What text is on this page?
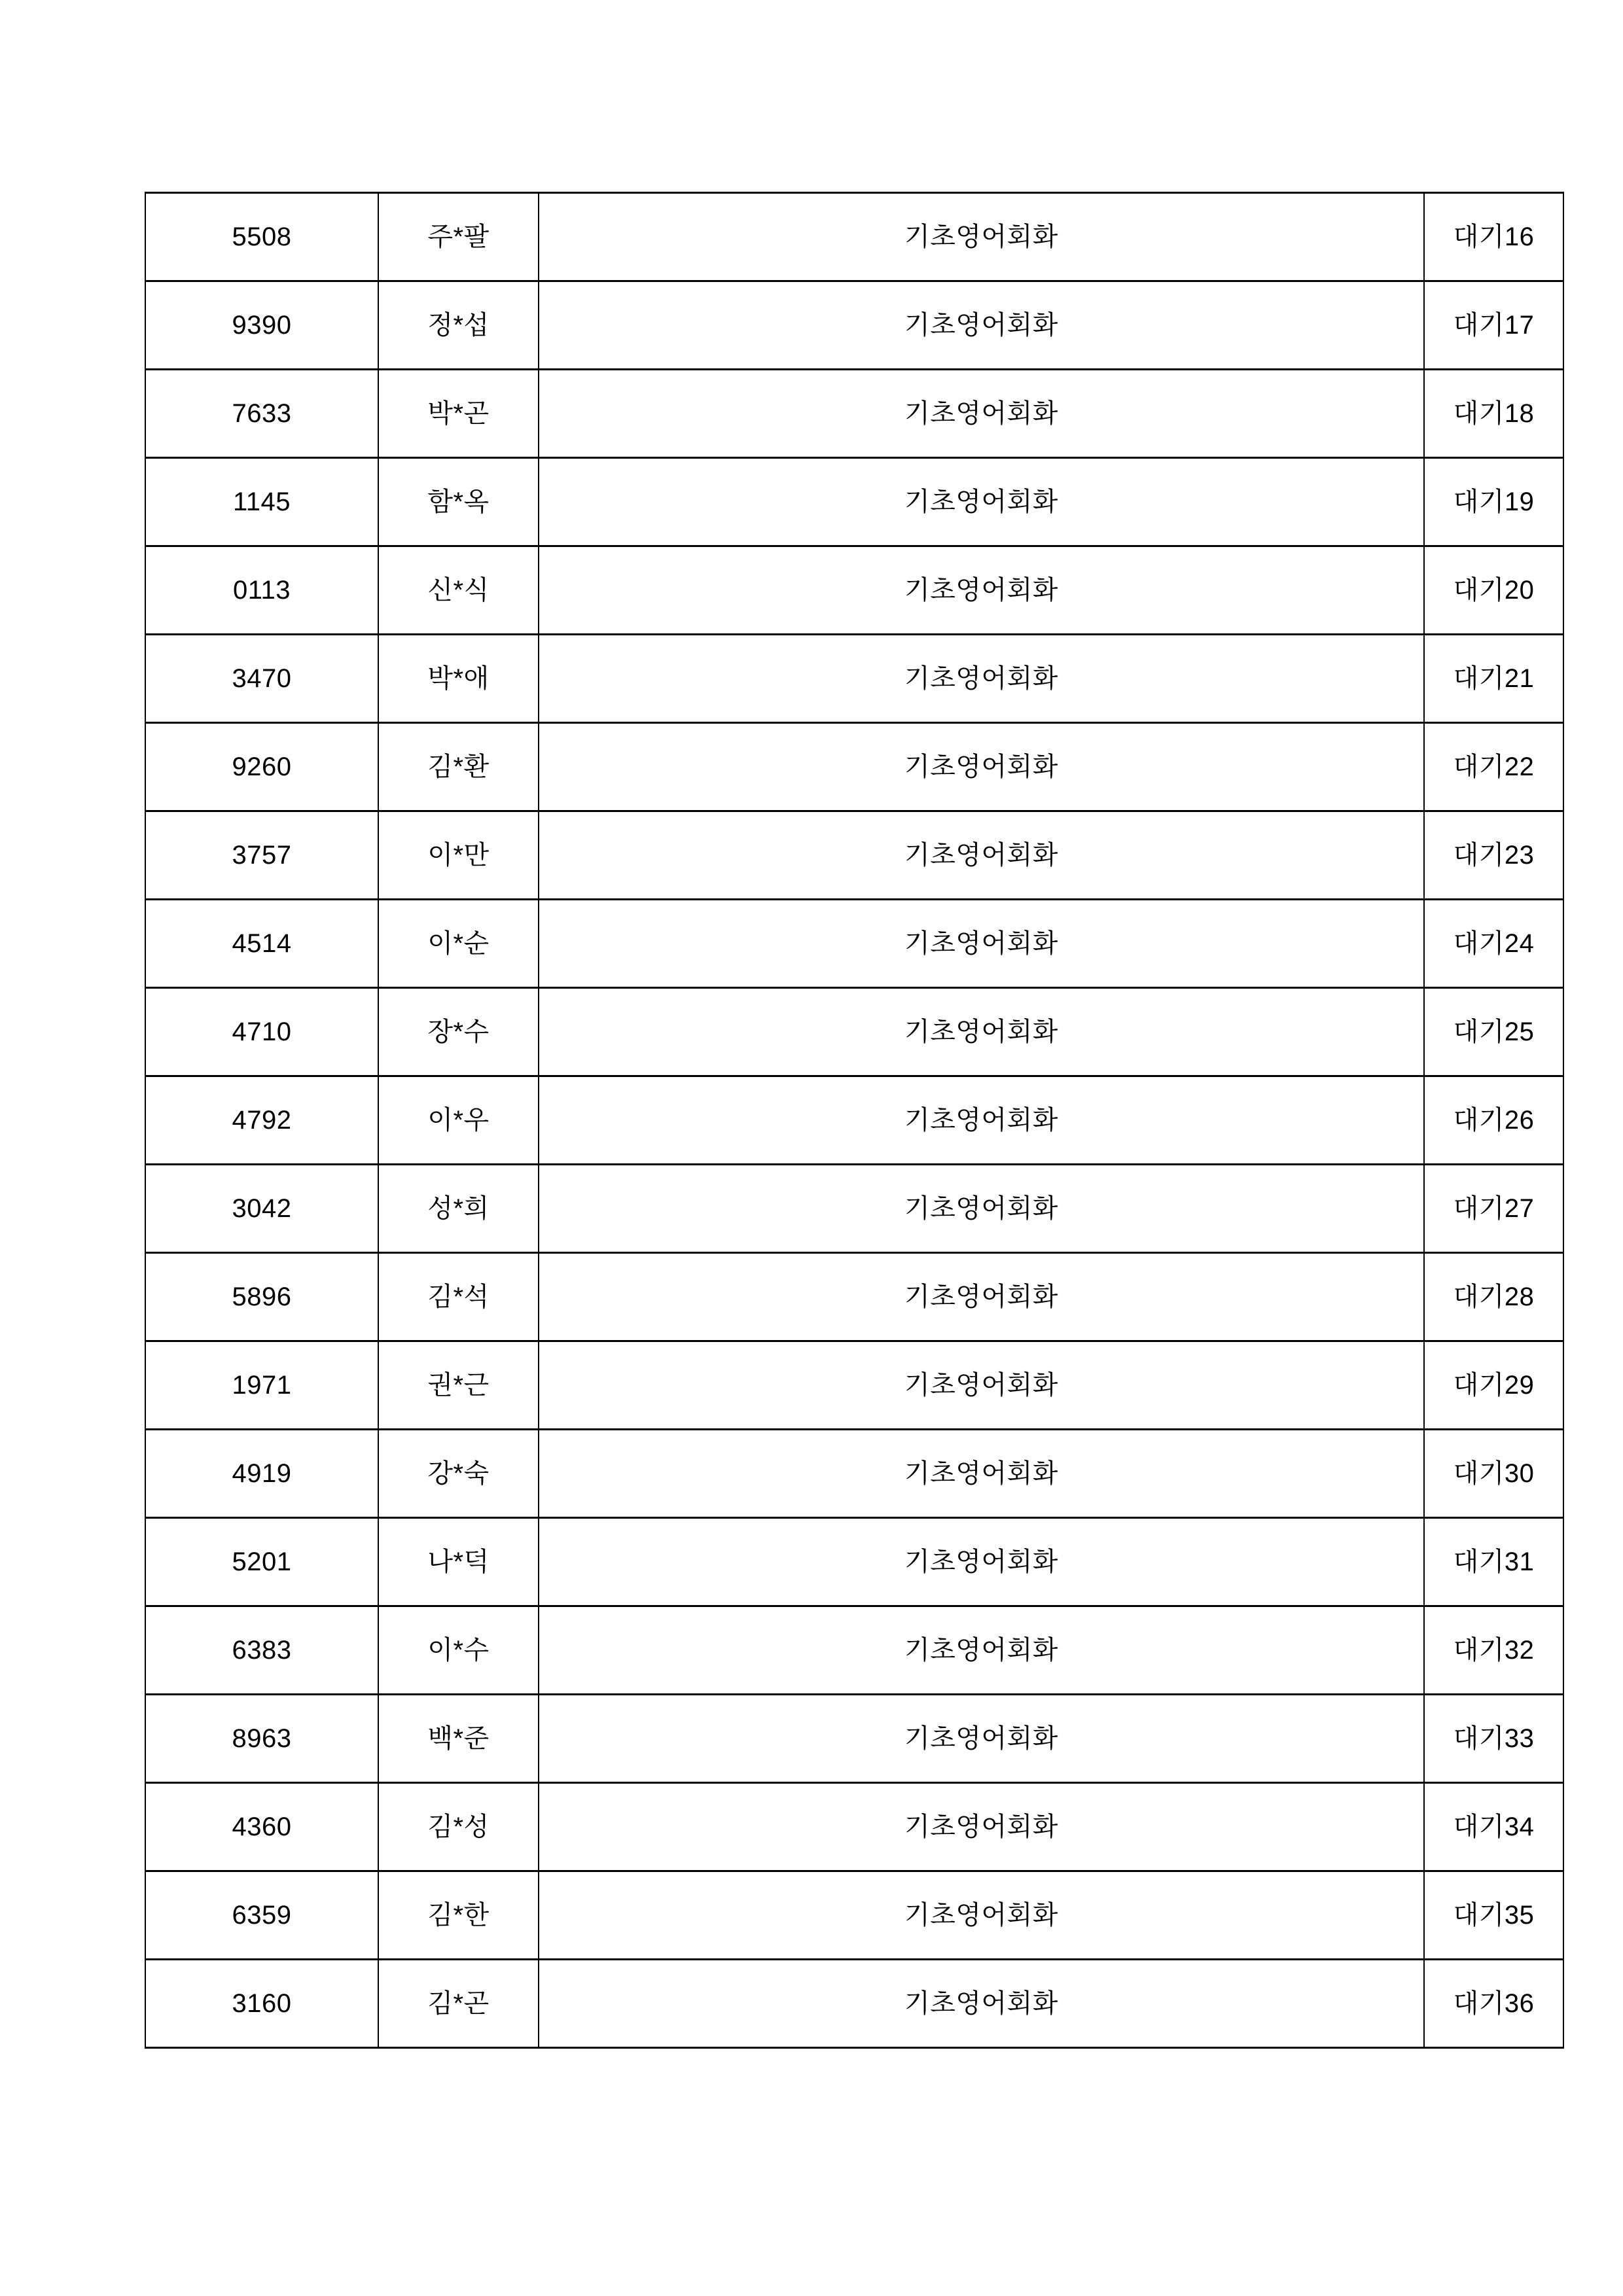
5508	주*팔	기초영어회화	대기16
9390	정*섭	기초영어회화	대기17
7633	박*곤	기초영어회화	대기18
1145	함*옥	기초영어회화	대기19
0113	신*식	기초영어회화	대기20
3470	박*애	기초영어회화	대기21
9260	김*환	기초영어회화	대기22
3757	이*만	기초영어회화	대기23
4514	이*순	기초영어회화	대기24
4710	장*수	기초영어회화	대기25
4792	이*우	기초영어회화	대기26
3042	성*희	기초영어회화	대기27
5896	김*석	기초영어회화	대기28
1971	권*근	기초영어회화	대기29
4919	강*숙	기초영어회화	대기30
5201	나*덕	기초영어회화	대기31
6383	이*수	기초영어회화	대기32
8963	백*준	기초영어회화	대기33
4360	김*성	기초영어회화	대기34
6359	김*한	기초영어회화	대기35
3160	김*곤	기초영어회화	대기36
